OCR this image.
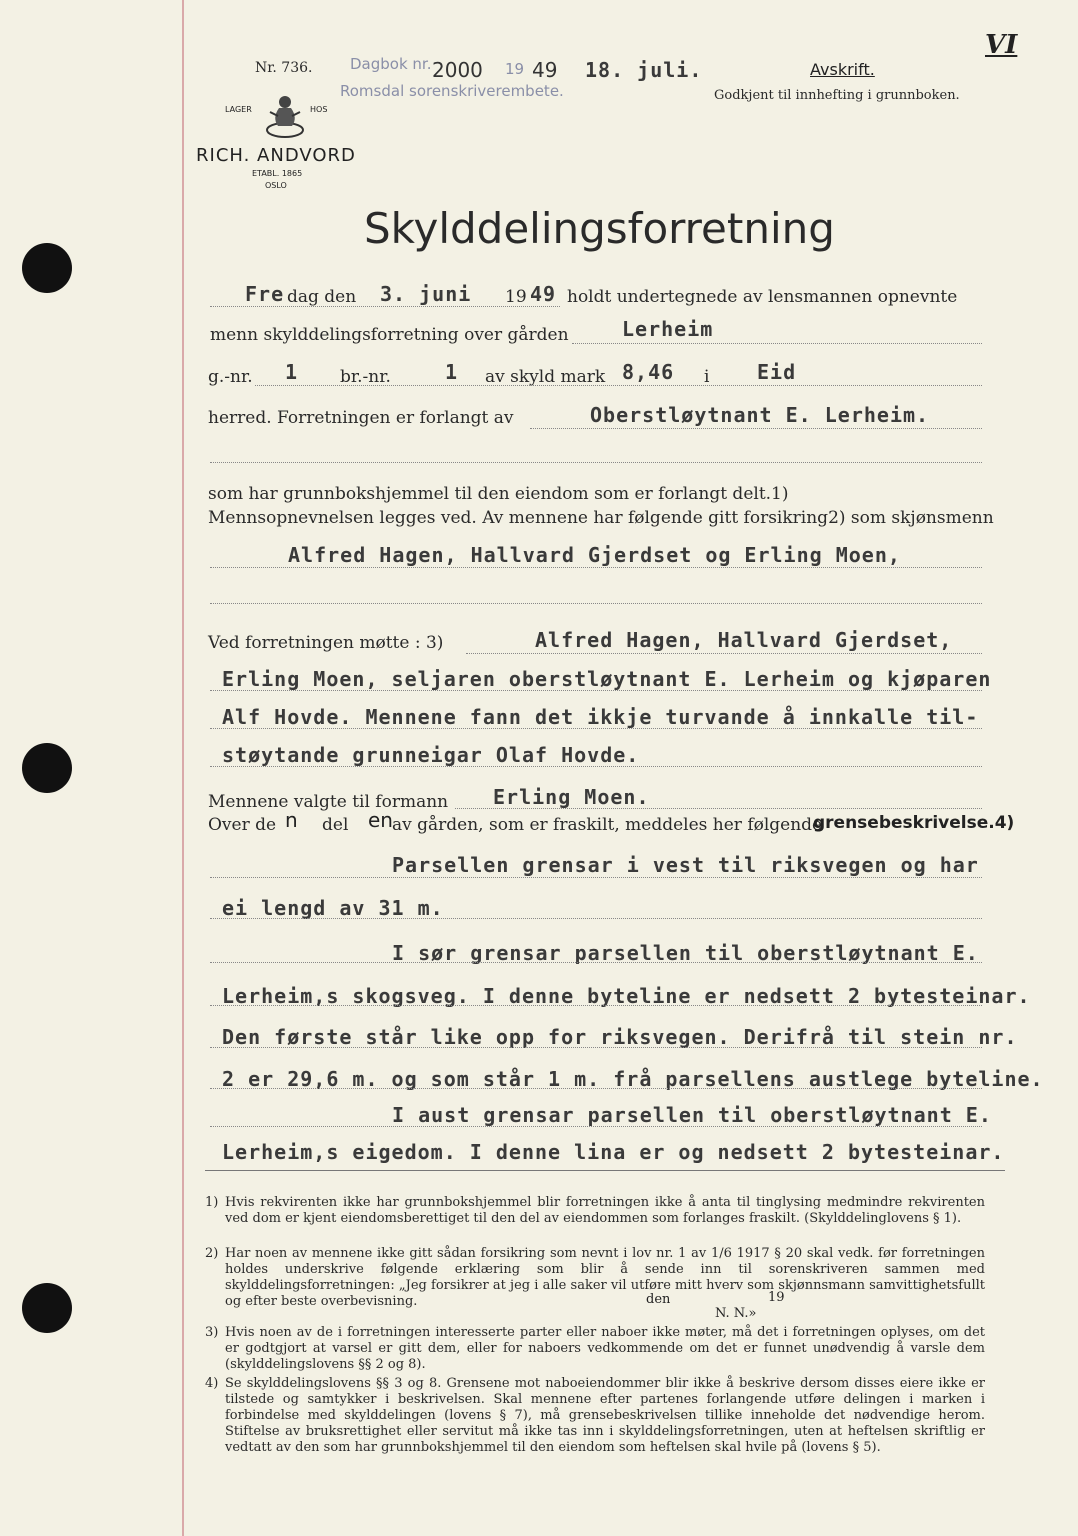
Nr. 736.	Dagbok nr. 2000 19 49 18. juli.
Romsdal sorenskriverembete.
Avskrift.
Godkjent til innhefting i grunnboken.
VI
LAGER	HOS
RICH. ANDVORD
ETABL. 1865
OSLO
Skylddelingsforretning
Fre dag den 3. juni 19 49 holdt undertegnede av lensmannen opnevnte
menn skylddelingsforretning over gården	Lerheim
g.-nr. 1 br.-nr.	1 av skyld mark 8,46 i Eid
herred. Forretningen er forlangt av	Oberstløytnant E. Lerheim.
som har grunnbokshjemmel til den eiendom som er forlangt delt.1)
Mennsopnevnelsen legges ved. Av mennene har følgende gitt forsikring2) som skjønsmenn
Alfred Hagen, Hallvard Gjerdset og Erling Moen,
Ved forretningen møtte : 3)	Alfred Hagen, Hallvard Gjerdset,
Erling Moen, seljaren oberstløytnant E. Lerheim og kjøparen
Alf Hovde. Mennene fann det ikkje turvande å innkalle til-
støytande grunneigar Olaf Hovde.
Mennene valgte til formann Erling Moen.
Over de n del en av gården, som er fraskilt, meddeles her følgende
grensebeskrivelse.4)
Parsellen grensar i vest til riksvegen og har
ei lengd av 31 m.
I sør grensar parsellen til oberstløytnant E.
Lerheim,s skogsveg. I denne byteline er nedsett 2 bytesteinar.
Den første står like opp for riksvegen. Derifrå til stein nr.
2 er 29,6 m. og som står 1 m. frå parsellens austlege byteline.
I aust grensar parsellen til oberstløytnant E.
Lerheim,s eigedom. I denne lina er og nedsett 2 bytesteinar.
1) Hvis rekvirenten ikke har grunnbokshjemmel blir forretningen ikke å anta til tinglysing medmindre rekvirenten ved dom er kjent eiendomsberettiget til den del av eiendommen som forlanges fraskilt. (Skylddelinglovens § 1).
2) Har noen av mennene ikke gitt sådan forsikring som nevnt i lov nr. 1 av 1/6 1917 § 20 skal vedk. før forretningen holdes underskrive følgende erklæring som blir å sende inn til sorenskriveren sammen med skylddelingsforretningen: „Jeg forsikrer at jeg i alle saker vil utføre mitt hverv som skjønnsmann samvittighetsfullt og efter beste overbevisning.	den	19
N. N.»
3) Hvis noen av de i forretningen interesserte parter eller naboer ikke møter, må det i forretningen oplyses, om det er godtgjort at varsel er gitt dem, eller for naboers vedkommende om det er funnet unødvendig å varsle dem (skylddelingslovens §§ 2 og 8).
4) Se skylddelingslovens §§ 3 og 8. Grensene mot naboeiendommer blir ikke å beskrive dersom disses eiere ikke er tilstede og samtykker i beskrivelsen. Skal mennene efter partenes forlangende utføre delingen i marken i forbindelse med skylddelingen (lovens § 7), må grensebeskrivelsen tillike inneholde det nødvendige herom. Stiftelse av bruksrettighet eller servitut må ikke tas inn i skylddelingsforretningen, uten at heftelsen skriftlig er vedtatt av den som har grunnbokshjemmel til den eiendom som heftelsen skal hvile på (lovens § 5).
